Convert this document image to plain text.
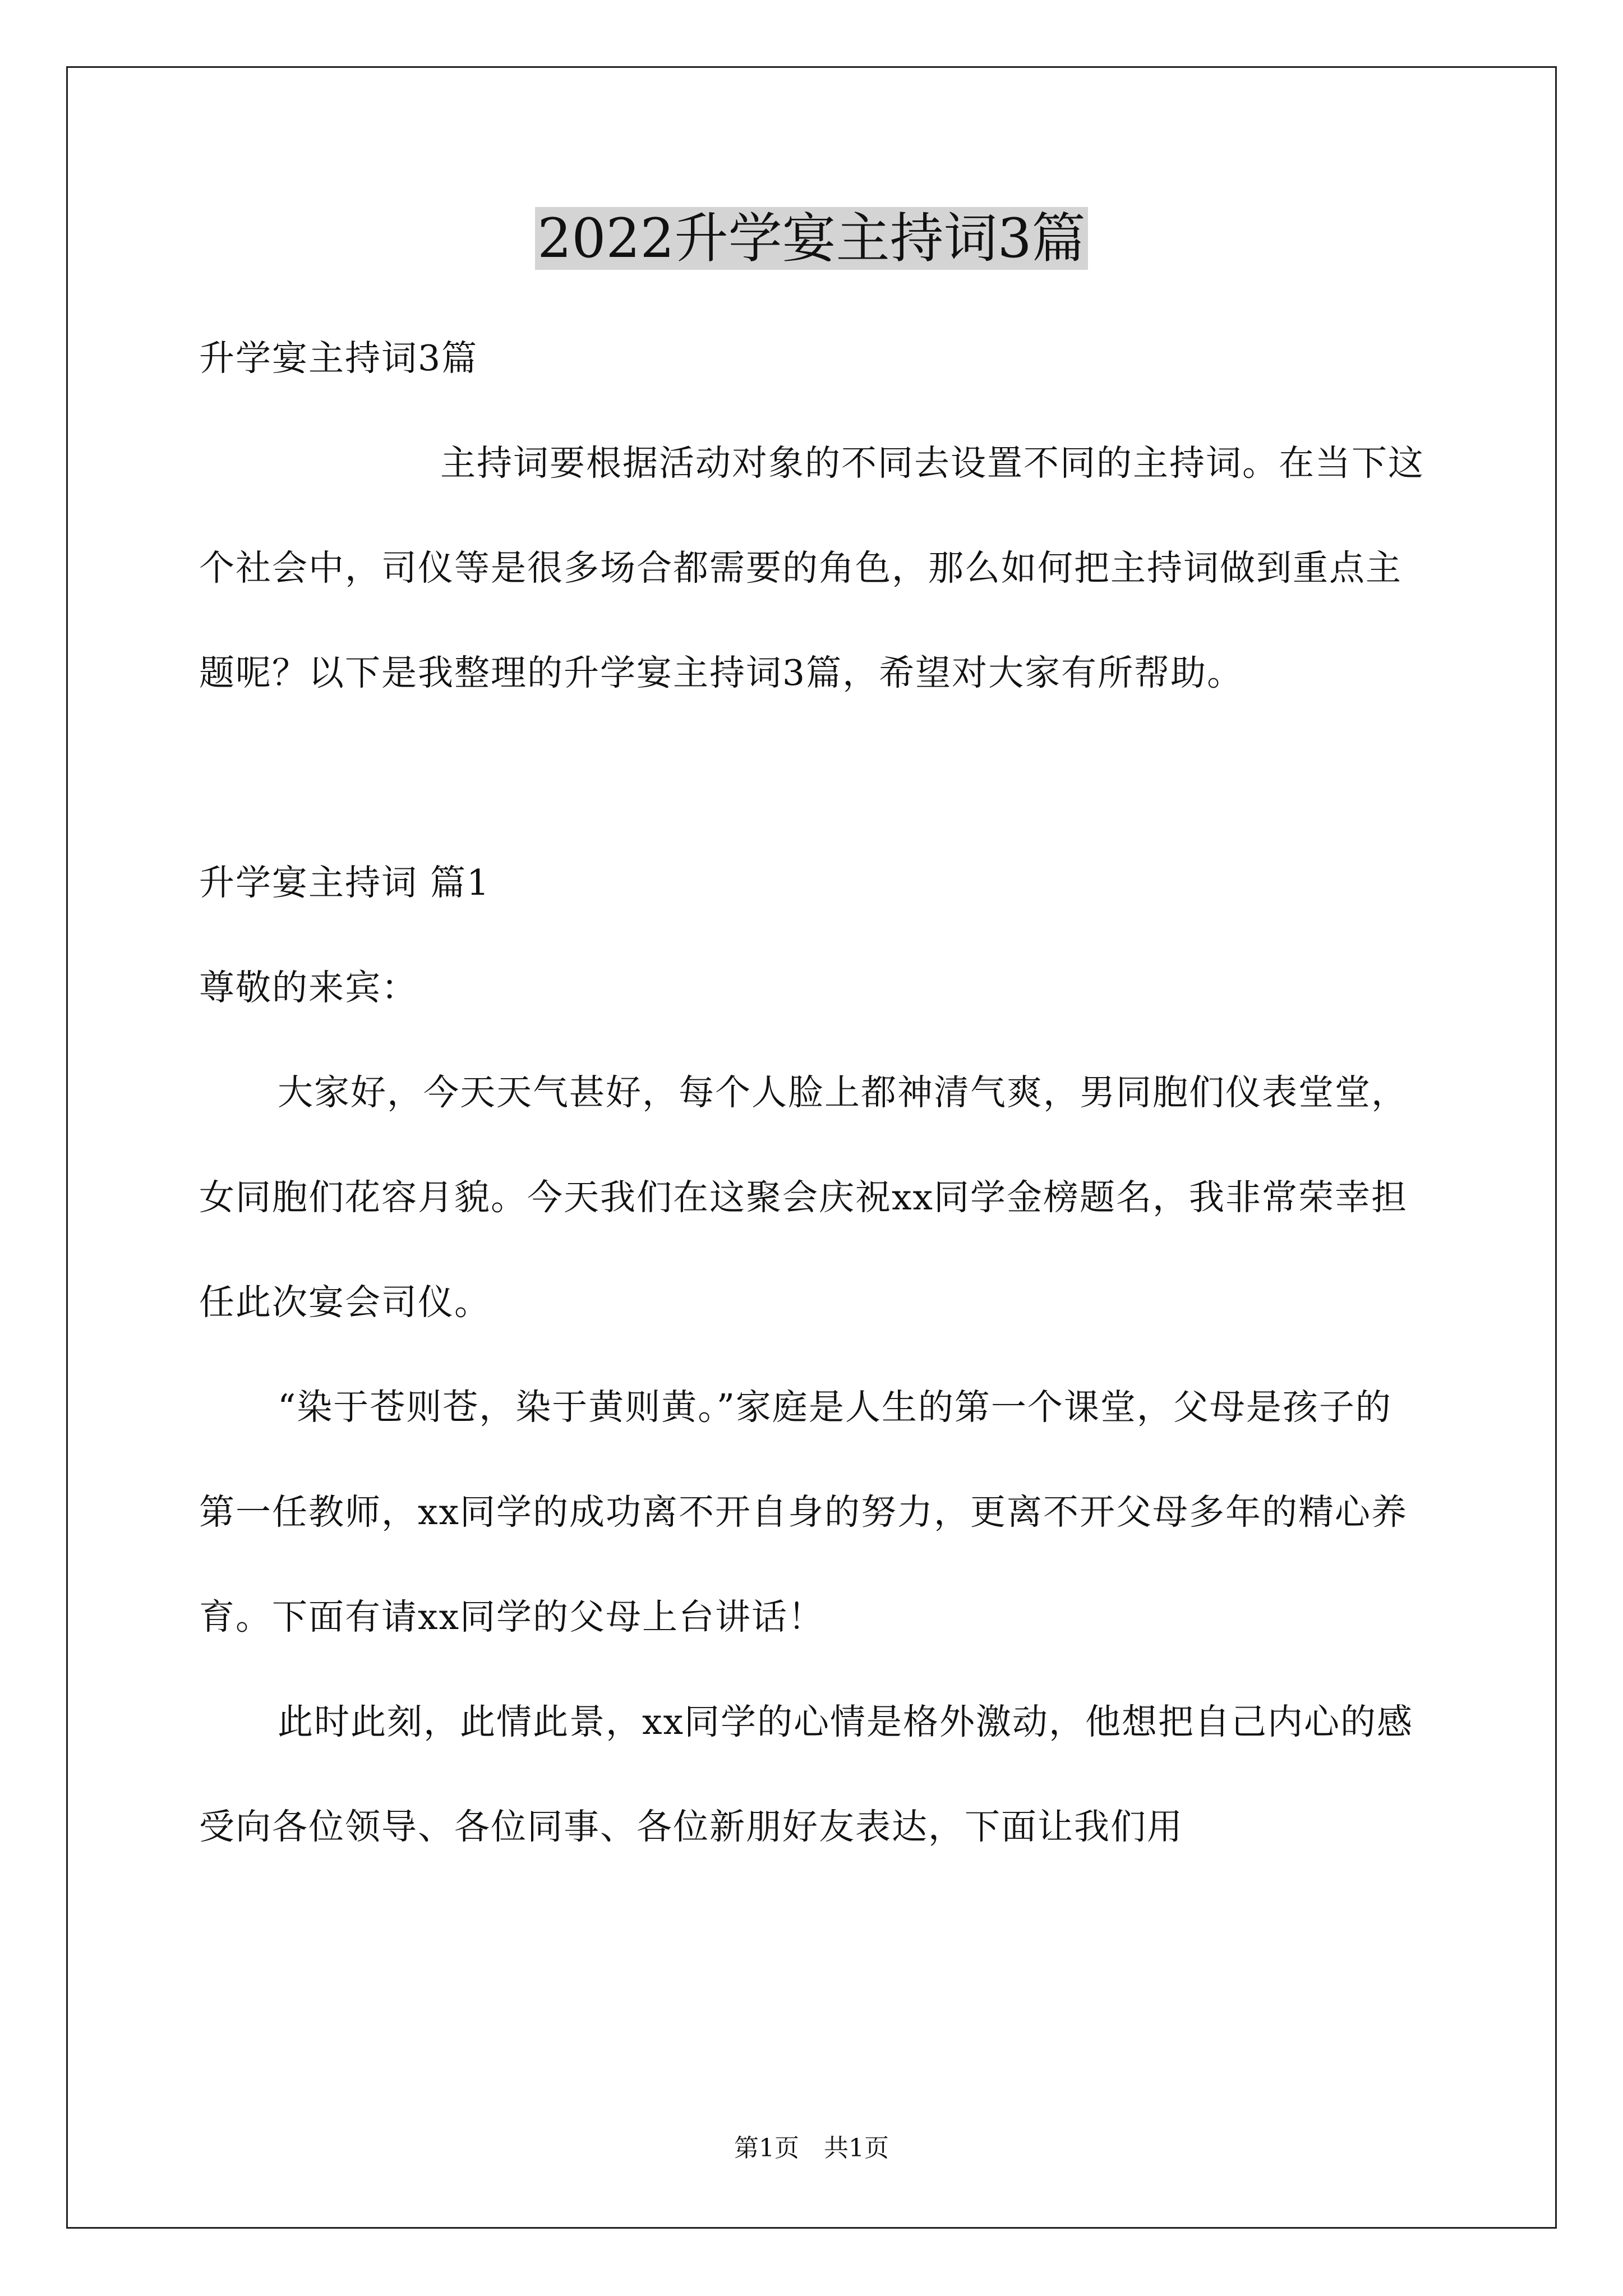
2022升学宴主持词3篇

升学宴主持词3篇

主持词要根据活动对象的不同去设置不同的主持词。在当下这个社会中，司仪等是很多场合都需要的角色，那么如何把主持词做到重点主题呢？以下是我整理的升学宴主持词3篇，希望对大家有所帮助。

升学宴主持词 篇1

尊敬的来宾：

大家好，今天天气甚好，每个人脸上都神清气爽，男同胞们仪表堂堂，女同胞们花容月貌。今天我们在这聚会庆祝xx同学金榜题名，我非常荣幸担任此次宴会司仪。

“染于苍则苍，染于黄则黄。”家庭是人生的第一个课堂，父母是孩子的第一任教师，xx同学的成功离不开自身的努力，更离不开父母多年的精心养育。下面有请xx同学的父母上台讲话！

此时此刻，此情此景，xx同学的心情是格外激动，他想把自己内心的感受向各位领导、各位同事、各位新朋好友表达，下面让我们用

第1页　共1页
